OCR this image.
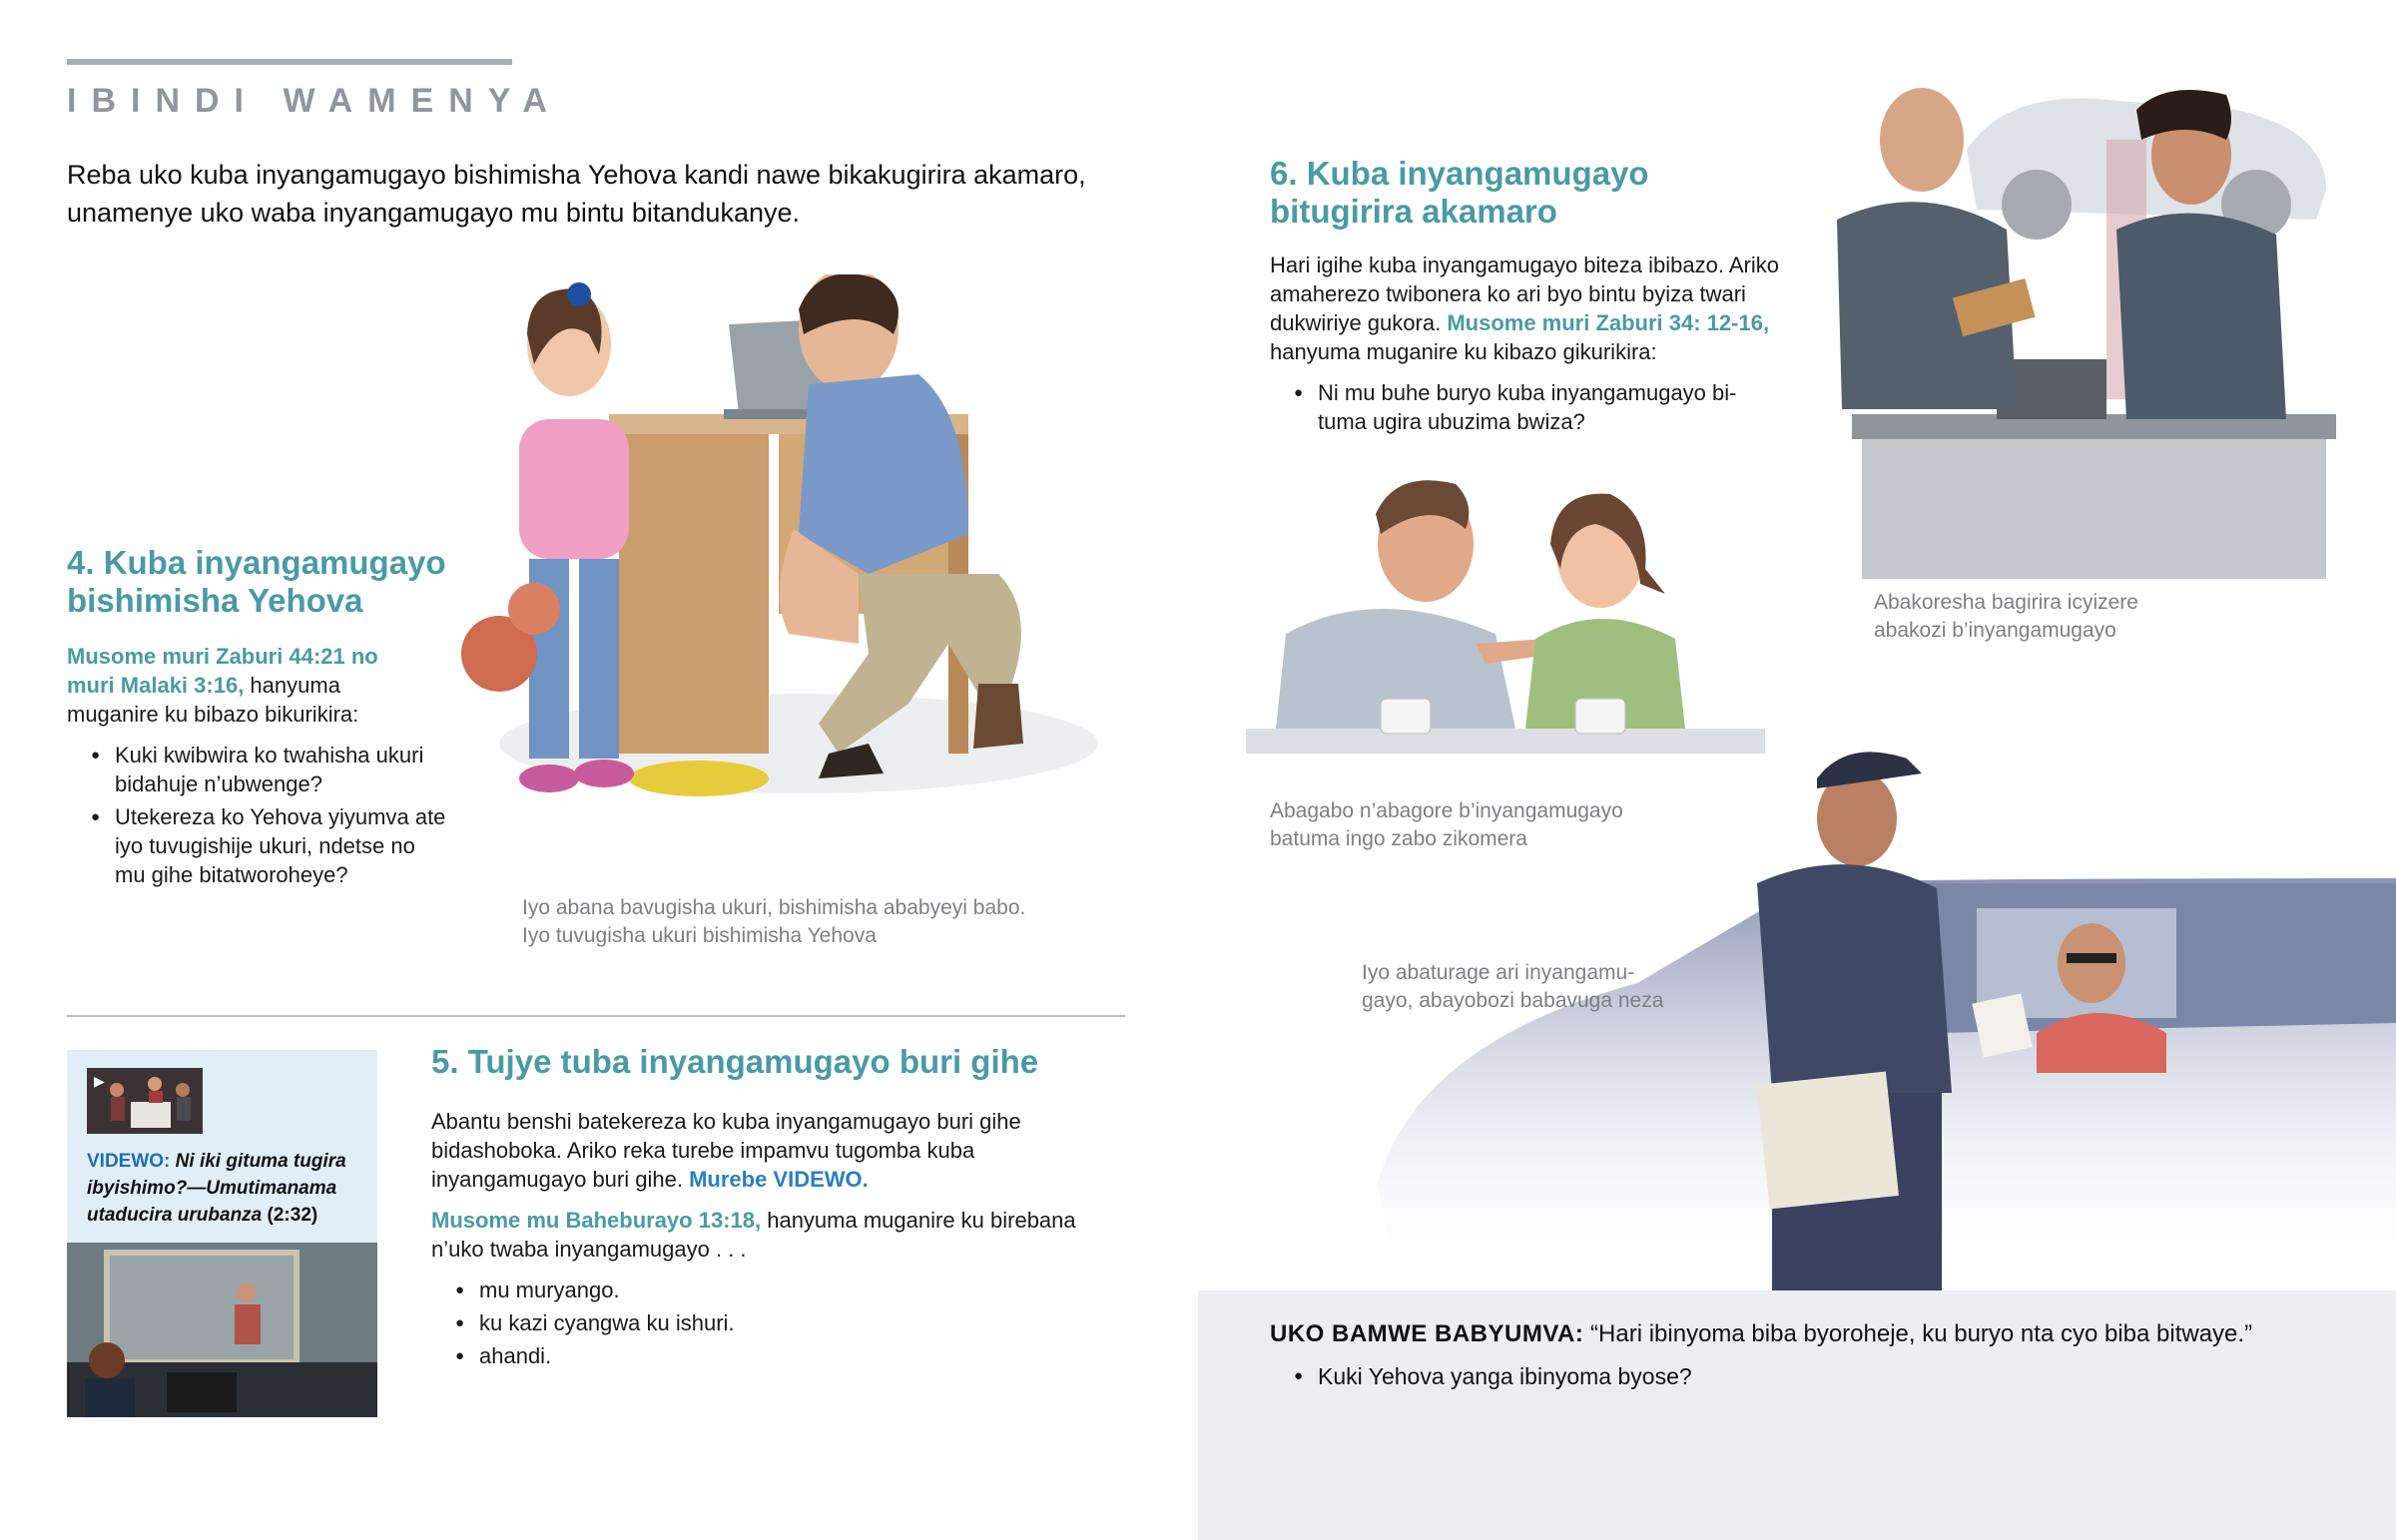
IBINDI WAMENYA
Reba uko kuba inyangamugayo bishimisha Yehova kandi nawe bikakugirira akamaro, unamenye uko waba inyangamugayo mu bintu bitandukanye.
4. Kuba inyangamugayo bishimisha Yehova
Musome muri Zaburi 44:21 no muri Malaki 3:16, hanyuma muganire ku bibazo bikurikira:
● Kuki kwibwira ko twahisha ukuri bidahuje n’ubwenge?
● Utekereza ko Yehova yiyumva ate iyo tuvugishije ukuri, ndetse no mu gihe bitatworoheye?
Iyo abana bavugisha ukuri, bishimisha ababyeyi babo.
Iyo tuvugisha ukuri bishimisha Yehova
▶
VIDEWO: Ni iki gituma tugira ibyishimo?—Umutimanama utaducira urubanza (2:32)
5. Tujye tuba inyangamugayo buri gihe
Abantu benshi batekereza ko kuba inyangamugayo buri gihe bidashoboka. Ariko reka turebe impamvu tugomba kuba inyangamugayo buri gihe. Murebe VIDEWO.
Musome mu Baheburayo 13:18, hanyuma muganire ku birebana n’uko twaba inyangamugayo . . .
● mu muryango.
● ku kazi cyangwa ku ishuri.
● ahandi.
6. Kuba inyangamugayo bitugirira akamaro
Hari igihe kuba inyangamugayo biteza ibibazo. Ariko amaherezo twibonera ko ari byo bintu byiza twari dukwiriye gukora. Musome muri Zaburi 34: 12-16, hanyuma muganire ku kibazo gikurikira:
● Ni mu buhe buryo kuba inyangamugayo bi-tuma ugira ubuzima bwiza?
Abakoresha bagirira icyizere
abakozi b’inyangamugayo
Abagabo n’abagore b’inyangamugayo
batuma ingo zabo zikomera
Iyo abaturage ari inyangamu-
gayo, abayobozi babavuga neza
UKO BAMWE BABYUMVA: “Hari ibinyoma biba byoroheje, ku buryo nta cyo biba bitwaye.”
● Kuki Yehova yanga ibinyoma byose?
